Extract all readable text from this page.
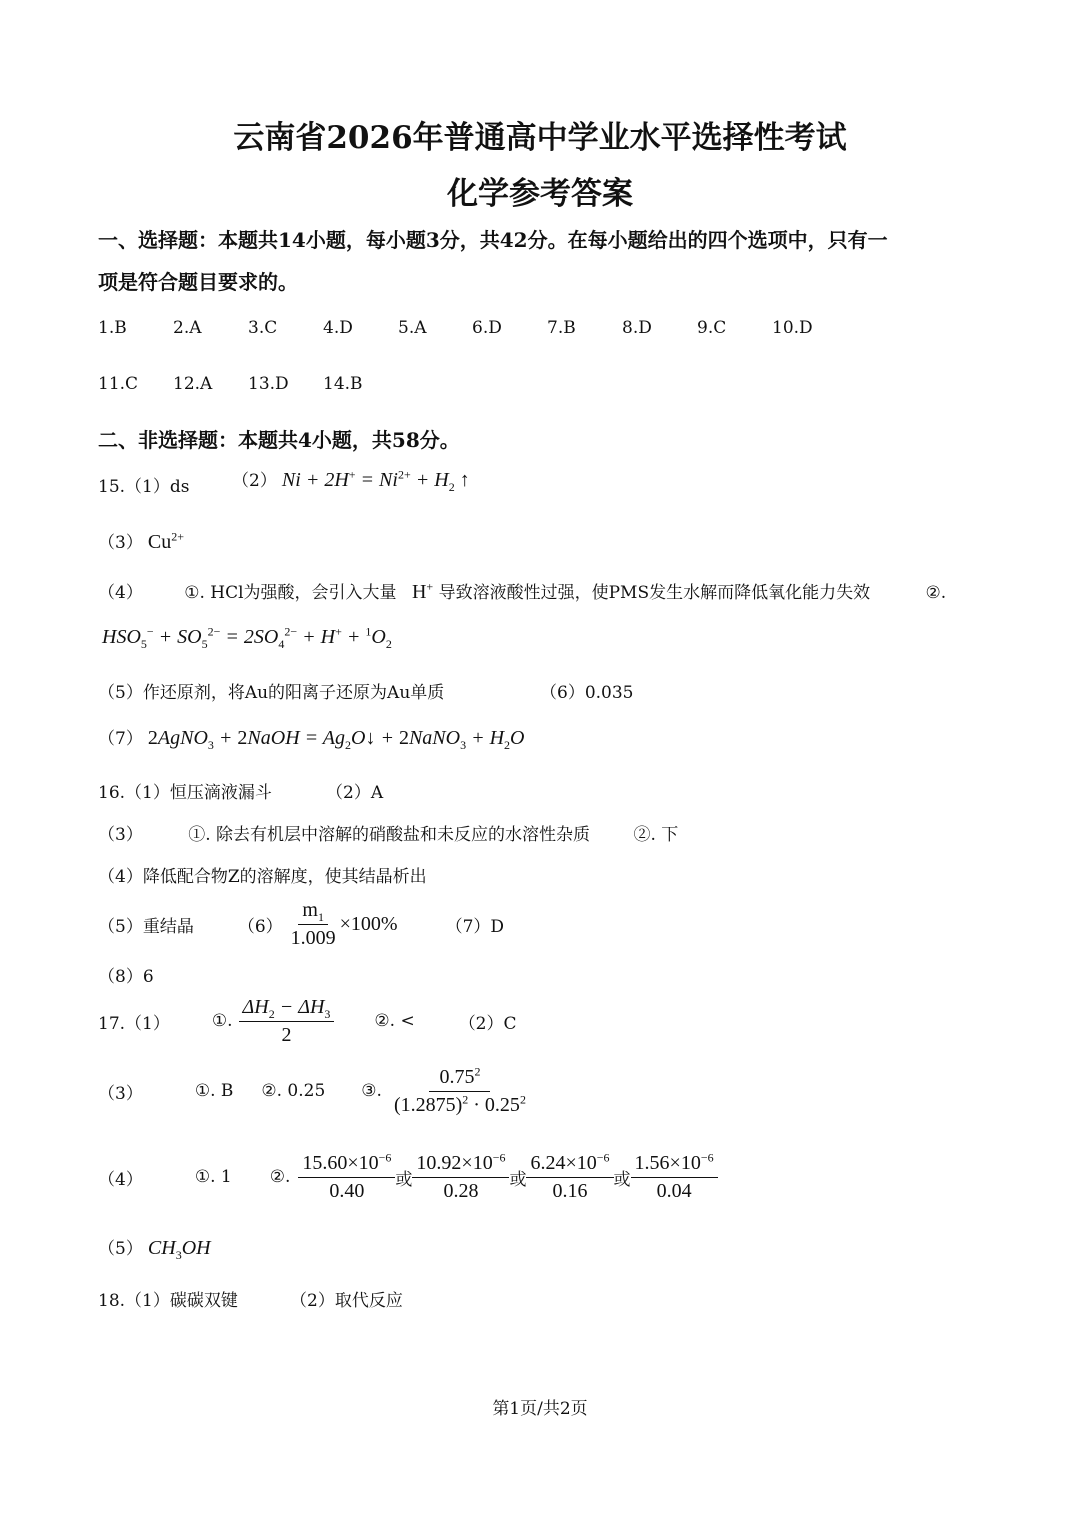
云南省2026年普通高中学业水平选择性考试
化学参考答案
一、选择题：本题共14小题，每小题3分，共42分。在每小题给出的四个选项中，只有一
项是符合题目要求的。
1.B	2.A	3.C	4.D	5.A	6.D	7.B	8.D	9.C	10.D
11.C 12.A 13.D 14.B
二、非选择题：本题共4小题，共58分。
15.（1）ds	（2） $Ni + 2H^+ = Ni^{2+} + H_2$ ↑
（3） $Cu^{2+}$
（4） ①. HCl为强酸，会引入大量 H+ 导致溶液酸性过强，使PMS发生水解而降低氧化能力失效	②.
$HSO_5^- + SO_5^{2-} = 2SO_4^{2-} + H^+ + ^1O_2$
（5）作还原剂，将Au的阳离子还原为Au单质	（6）0.035
（7） 2AgNO$_3$ + 2NaOH = $Ag_2O↓$ + 2NaNO$_3$ + $H_2O$
16.（1）恒压滴液漏斗	（2）A
（3）	①. 除去有机层中溶解的硝酸盐和未反应的水溶性杂质	②. 下
（4）降低配合物Z的溶解度，使其结晶析出
（5）重结晶	$(6) \frac{m_1}{1.009} \times 100\%$	（7）D
（8）6
17.（1） ①. $\frac{\Delta H_2 - \Delta H_3}{2}$ ②. <	（2）C
（3）	①. B ②. 0.25 ③. $\frac{0.75^2}{(1.2875)^2 \cdot 0.25^2}$
（4）	①. 1 ②. $\frac{15.60\times 10^{-6}}{0.40}$ 或 $\frac{10.92\times 10^{-6}}{0.28}$ 或 $\frac{6.24\times 10^{-6}}{0.16}$ 或 $\frac{1.56\times 10^{-6}}{0.04}$
（5） $CH_3OH$
18.（1）碳碳双键	（2）取代反应
第1页/共2页
